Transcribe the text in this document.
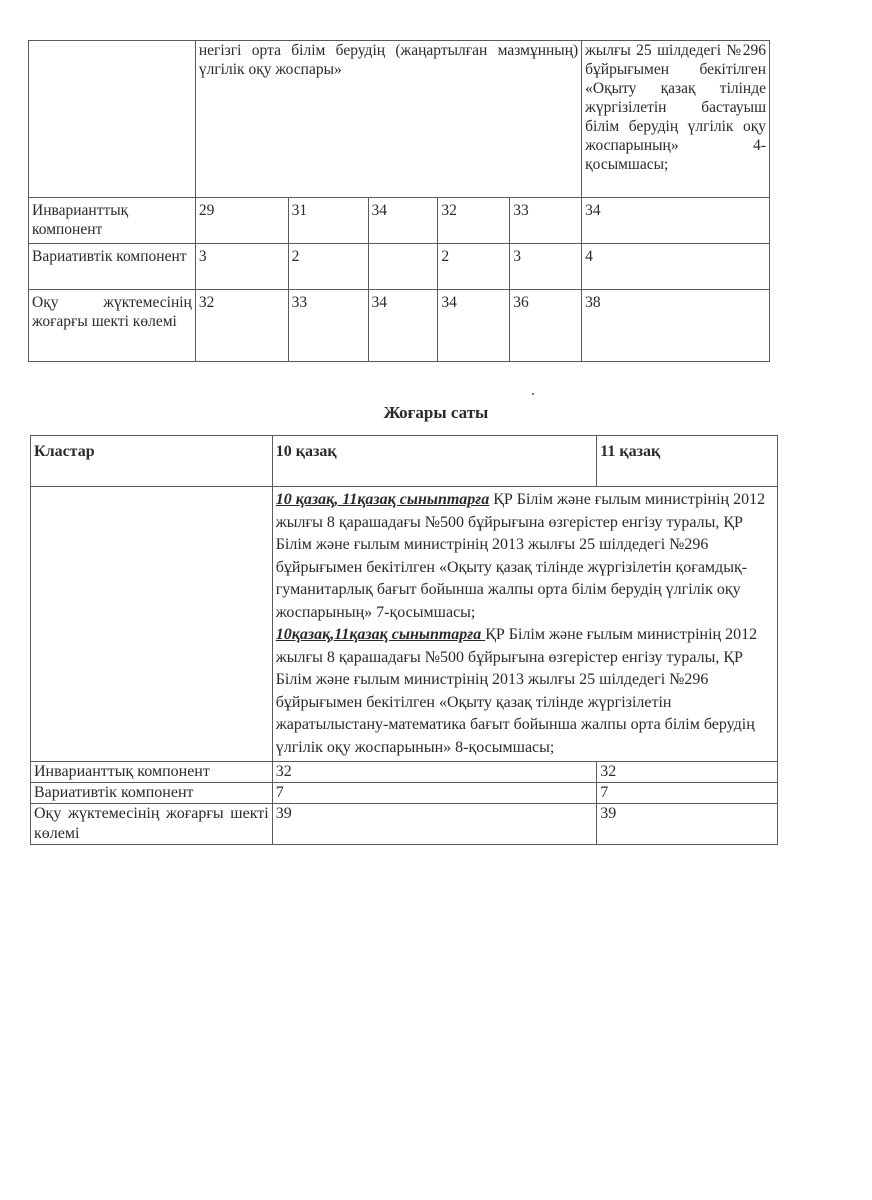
	негізгі орта білім берудің (жаңартылған мазмұнның) үлгілік оқу жоспары»					жылғы 25 шілдедегі №296 бұйрығымен бекітілген «Оқыту қазақ тілінде жүргізілетін бастауыш білім берудің үлгілік оқу жоспарының» 4-қосымшасы;
Инварианттық компонент	29	31	34	32	33	34
Вариативтік компонент	3	2		2	3	4
Оқу жүктемесінің жоғарғы шекті көлемі	32	33	34	34	36	38
Жоғары саты
Кластар	10 қазақ	11 қазақ

	10 қазақ, 11қазақ сыныптарға ҚР Білім және ғылым министрінің 2012 жылғы 8 қарашадағы №500 бұйрығына өзгерістер енгізу туралы, ҚР Білім және ғылым министрінің 2013 жылғы 25 шілдедегі №296 бұйрығымен бекітілген «Оқыту қазақ тілінде жүргізілетін қоғамдық-гуманитарлық бағыт бойынша жалпы орта білім берудің үлгілік оқу жоспарының» 7-қосымшасы;
10қазақ,11қазақ сыныптарға ҚР Білім және ғылым министрінің 2012 жылғы 8 қарашадағы №500 бұйрығына өзгерістер енгізу туралы, ҚР Білім және ғылым министрінің 2013 жылғы 25 шілдедегі №296 бұйрығымен бекітілген «Оқыту қазақ тілінде жүргізілетін жаратылыстану-математика бағыт бойынша жалпы орта білім берудің үлгілік оқу жоспарынын» 8-қосымшасы;	

Инварианттық компонент	32	32
Вариативтік компонент	7	7
Оқу жүктемесінің жоғарғы шекті көлемі	39	39
